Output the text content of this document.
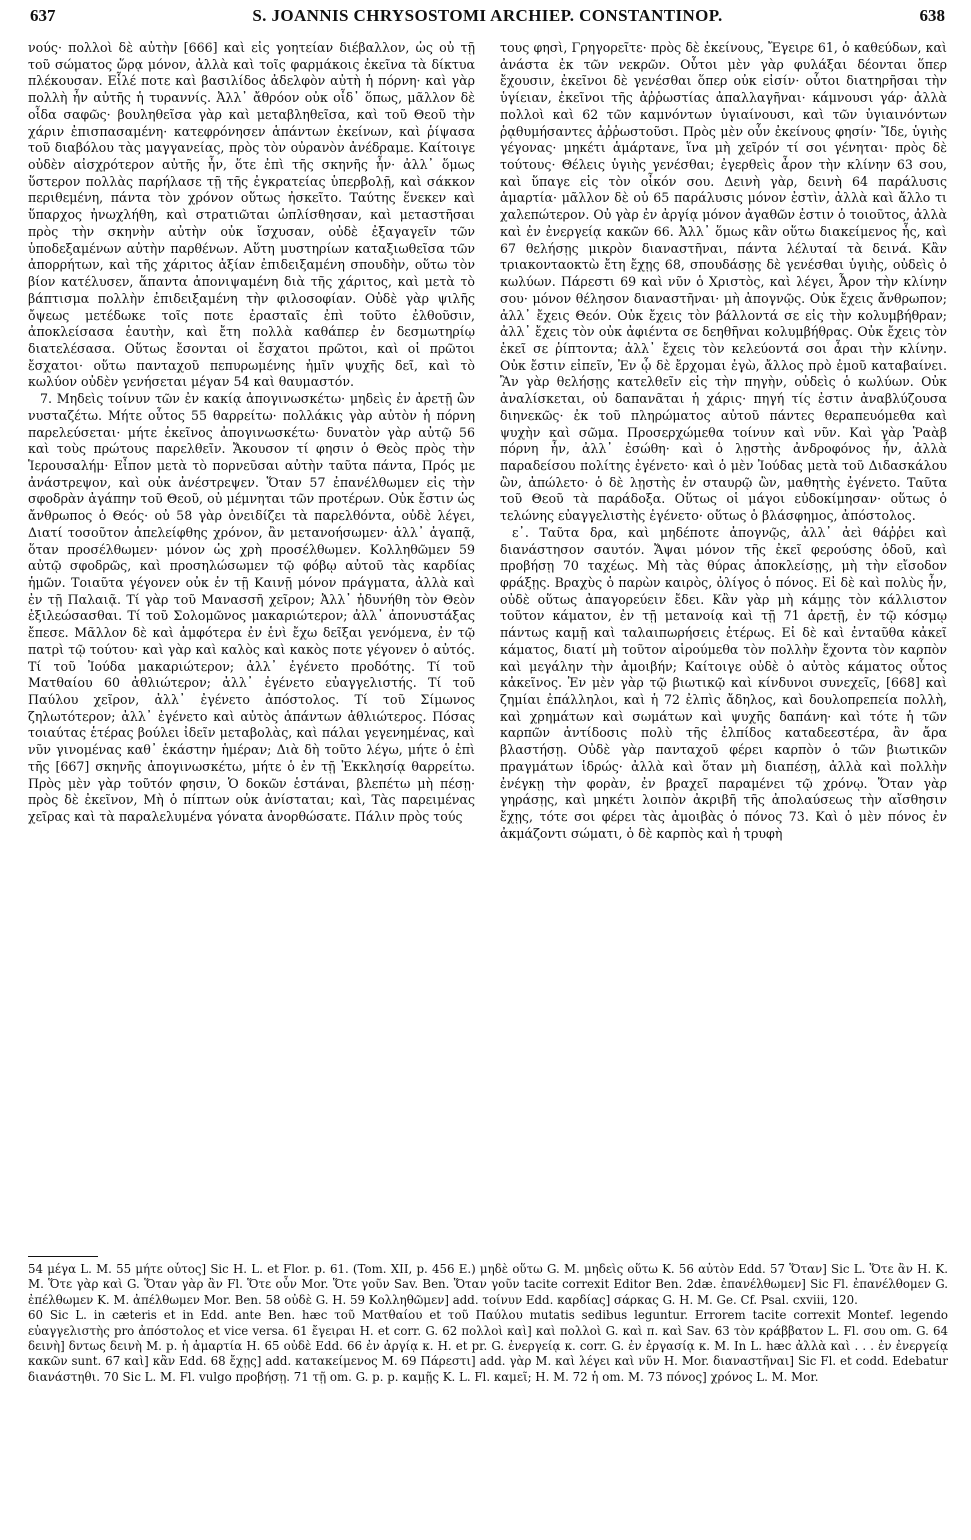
637	S. JOANNIS CHRYSOSTOMI ARCHIEP. CONSTANTINOP.	638

νούς· πολλοὶ δὲ αὐτὴν [666] καὶ εἰς γοητείαν διέβαλλον, ὡς οὐ τῇ τοῦ σώματος ὥρᾳ μόνον, ἀλλὰ καὶ τοῖς φαρμάκοις ἐκεῖνα τὰ δίκτυα πλέκουσαν. Εἷλέ ποτε καὶ βασιλίδος ἀδελφὸν αὐτὴ ἡ πόρνη· καὶ γὰρ πολλὴ ἦν αὐτῆς ἡ τυραννίς. Ἀλλ᾽ ἄθρόον οὐκ οἶδ᾽ ὅπως, μᾶλλον δὲ οἶδα σαφῶς· βουληθεῖσα γὰρ καὶ μεταβληθεῖσα, καὶ τοῦ Θεοῦ τὴν χάριν ἐπισπασαμένη· κατεφρόνησεν ἁπάντων ἐκείνων, καὶ ῥίψασα τοῦ διαβόλου τὰς μαγγανείας, πρὸς τὸν οὐρανὸν ἀνέδραμε. Καίτοιγε οὐδὲν αἰσχρότερον αὐτῆς ἦν, ὅτε ἐπὶ τῆς σκηνῆς ἦν· ἀλλ᾽ ὅμως ὕστερον πολλὰς παρήλασε τῇ τῆς ἐγκρατείας ὑπερβολῇ, καὶ σάκκον περιθεμένη, πάντα τὸν χρόνον οὕτως ἠσκεῖτο. Ταύτης ἕνεκεν καὶ ὕπαρχος ἠνωχλήθη, καὶ στρατιῶται ὡπλίσθησαν, καὶ μεταστῆσαι πρὸς τὴν σκηνὴν αὐτὴν οὐκ ἴσχυσαν, οὐδὲ ἐξαγαγεῖν τῶν ὑποδεξαμένων αὐτὴν παρθένων. Αὕτη μυστηρίων καταξιωθεῖσα τῶν ἀπορρήτων, καὶ τῆς χάριτος ἀξίαν ἐπιδειξαμένη σπουδὴν, οὕτω τὸν βίον κατέλυσεν, ἅπαντα ἀπονιψαμένη διὰ τῆς χάριτος, καὶ μετὰ τὸ βάπτισμα πολλὴν ἐπιδειξαμένη τὴν φιλοσοφίαν. Οὐδὲ γὰρ ψιλῆς ὄψεως μετέδωκε τοῖς ποτε ἐρασταῖς ἐπὶ τοῦτο ἐλθοῦσιν, ἀποκλείσασα ἑαυτὴν, καὶ ἔτη πολλὰ καθάπερ ἐν δεσμωτηρίῳ διατελέσασα. Οὕτως ἔσονται οἱ ἔσχατοι πρῶτοι, καὶ οἱ πρῶτοι ἔσχατοι· οὕτω πανταχοῦ πεπυρωμένης ἡμῖν ψυχῆς δεῖ, καὶ τὸ κωλύον οὐδὲν γενήσεται μέγαν 54 καὶ θαυμαστόν.

7. Μηδεὶς τοίνυν τῶν ἐν κακίᾳ ἀπογινωσκέτω· μηδεὶς ἐν ἀρετῇ ὢν νυσταζέτω. Μήτε οὗτος 55 θαρρείτω· πολλάκις γὰρ αὐτὸν ἡ πόρνη παρελεύσεται· μήτε ἐκεῖνος ἀπογινωσκέτω· δυνατὸν γὰρ αὐτῷ 56 καὶ τοὺς πρώτους παρελθεῖν. Ἄκουσον τί φησιν ὁ Θεὸς πρὸς τὴν Ἱερουσαλήμ· Εἶπον μετὰ τὸ πορνεῦσαι αὐτὴν ταῦτα πάντα, Πρός με ἀνάστρεψον, καὶ οὐκ ἀνέστρεψεν. Ὅταν 57 ἐπανέλθωμεν εἰς τὴν σφοδρὰν ἀγάπην τοῦ Θεοῦ, οὐ μέμνηται τῶν προτέρων. Οὐκ ἔστιν ὡς ἄνθρωπος ὁ Θεός· οὐ 58 γὰρ ὀνειδίζει τὰ παρελθόντα, οὐδὲ λέγει, Διατί τοσοῦτον ἀπελείφθης χρόνον, ἂν μετανοήσωμεν· ἀλλ᾽ ἀγαπᾷ, ὅταν προσέλθωμεν· μόνον ὡς χρὴ προσέλθωμεν. Κολληθῶμεν 59 αὐτῷ σφοδρῶς, καὶ προσηλώσωμεν τῷ φόβῳ αὐτοῦ τὰς καρδίας ἡμῶν. Τοιαῦτα γέγονεν οὐκ ἐν τῇ Καινῇ μόνον πράγματα, ἀλλὰ καὶ ἐν τῇ Παλαιᾷ. Τί γὰρ τοῦ Μανασσῆ χεῖρον; Ἀλλ᾽ ἠδυνήθη τὸν Θεὸν ἐξιλεώσασθαι. Τί τοῦ Σολομῶνος μακαριώτερον; ἀλλ᾽ ἀπονυστάξας ἔπεσε. Μᾶλλον δὲ καὶ ἀμφότερα ἐν ἑνὶ ἔχω δεῖξαι γενόμενα, ἐν τῷ πατρὶ τῷ τούτου· καὶ γὰρ καὶ καλὸς καὶ κακὸς ποτε γέγονεν ὁ αὐτός. Τί τοῦ Ἰούδα μακαριώτερον; ἀλλ᾽ ἐγένετο προδότης. Τί τοῦ Ματθαίου 60 ἀθλιώτερον; ἀλλ᾽ ἐγένετο εὐαγγελιστής. Τί τοῦ Παύλου χεῖρον, ἀλλ᾽ ἐγένετο ἀπόστολος. Τί τοῦ Σίμωνος ζηλωτότερον; ἀλλ᾽ ἐγένετο καὶ αὐτὸς ἁπάντων ἀθλιώτερος. Πόσας τοιαύτας ἑτέρας βούλει ἰδεῖν μεταβολὰς, καὶ πάλαι γεγενημένας, καὶ νῦν γινομένας καθ᾽ ἑκάστην ἡμέραν; Διὰ δὴ τοῦτο λέγω, μήτε ὁ ἐπὶ τῆς [667] σκηνῆς ἀπογινωσκέτω, μήτε ὁ ἐν τῇ Ἐκκλησίᾳ θαρρείτω. Πρὸς μὲν γὰρ τοῦτόν φησιν, Ὁ δοκῶν ἑστάναι, βλεπέτω μὴ πέσῃ· πρὸς δὲ ἐκεῖνον, Μὴ ὁ πίπτων οὐκ ἀνίσταται; καὶ, Τὰς παρειμένας χεῖρας καὶ τὰ παραλελυμένα γόνατα ἀνορθώσατε. Πάλιν πρὸς τούς

τους φησὶ, Γρηγορεῖτε· πρὸς δὲ ἐκείνους, Ἔγειρε 61, ὁ καθεύδων, καὶ ἀνάστα ἐκ τῶν νεκρῶν. Οὗτοι μὲν γὰρ φυλάξαι δέονται ὅπερ ἔχουσιν, ἐκεῖνοι δὲ γενέσθαι ὅπερ οὐκ εἰσίν· οὗτοι διατηρῆσαι τὴν ὑγίειαν, ἐκεῖνοι τῆς ἀῤῥωστίας ἀπαλλαγῆναι· κάμνουσι γάρ· ἀλλὰ πολλοὶ καὶ 62 τῶν καμνόντων ὑγιαίνουσι, καὶ τῶν ὑγιαινόντων ῥᾳθυμήσαντες ἀῤῥωστοῦσι. Πρὸς μὲν οὖν ἐκείνους φησίν· Ἴδε, ὑγιὴς γέγονας· μηκέτι ἁμάρτανε, ἵνα μὴ χεῖρόν τί σοι γένηται· πρὸς δὲ τούτους· Θέλεις ὑγιὴς γενέσθαι; ἐγερθεὶς ἆρον τὴν κλίνην 63 σου, καὶ ὕπαγε εἰς τὸν οἶκόν σου. Δεινὴ γὰρ, δεινὴ 64 παράλυσις ἁμαρτία· μᾶλλον δὲ οὐ 65 παράλυσις μόνον ἐστὶν, ἀλλὰ καὶ ἄλλο τι χαλεπώτερον. Οὐ γὰρ ἐν ἀργίᾳ μόνον ἀγαθῶν ἐστιν ὁ τοιοῦτος, ἀλλὰ καὶ ἐν ἐνεργείᾳ κακῶν 66. Ἀλλ᾽ ὅμως κἂν οὕτω διακείμενος ἧς, καὶ 67 θελήσῃς μικρὸν διαναστῆναι, πάντα λέλυταί τὰ δεινά. Κἂν τριακονταοκτὼ ἔτη ἔχῃς 68, σπουδάσῃς δὲ γενέσθαι ὑγιὴς, οὐδεὶς ὁ κωλύων. Πάρεστι 69 καὶ νῦν ὁ Χριστὸς, καὶ λέγει, Ἆρον τὴν κλίνην σου· μόνον θέλησον διαναστῆναι· μὴ ἀπογνῷς. Οὐκ ἔχεις ἄνθρωπον; ἀλλ᾽ ἔχεις Θεόν. Οὐκ ἔχεις τὸν βάλλοντά σε εἰς τὴν κολυμβήθραν; ἀλλ᾽ ἔχεις τὸν οὐκ ἀφιέντα σε δεηθῆναι κολυμβήθρας. Οὐκ ἔχεις τὸν ἐκεῖ σε ῥίπτοντα; ἀλλ᾽ ἔχεις τὸν κελεύοντά σοι ἆραι τὴν κλίνην. Οὐκ ἔστιν εἰπεῖν, Ἐν ᾧ δὲ ἔρχομαι ἐγὼ, ἄλλος πρὸ ἐμοῦ καταβαίνει. Ἂν γὰρ θελήσῃς κατελθεῖν εἰς τὴν πηγὴν, οὐδεὶς ὁ κωλύων. Οὐκ ἀναλίσκεται, οὐ δαπανᾶται ἡ χάρις· πηγή τίς ἐστιν ἀναβλύζουσα διηνεκῶς· ἐκ τοῦ πληρώματος αὐτοῦ πάντες θεραπευόμεθα καὶ ψυχὴν καὶ σῶμα. Προσερχώμεθα τοίνυν καὶ νῦν. Καὶ γὰρ Ῥαὰβ πόρνη ἦν, ἀλλ᾽ ἐσώθη· καὶ ὁ λῃστὴς ἀνδροφόνος ἦν, ἀλλὰ παραδείσου πολίτης ἐγένετο· καὶ ὁ μὲν Ἰούδας μετὰ τοῦ Διδασκάλου ὢν, ἀπώλετο· ὁ δὲ λῃστὴς ἐν σταυρῷ ὢν, μαθητὴς ἐγένετο. Ταῦτα τοῦ Θεοῦ τὰ παράδοξα. Οὕτως οἱ μάγοι εὐδοκίμησαν· οὕτως ὁ τελώνης εὐαγγελιστὴς ἐγένετο· οὕτως ὁ βλάσφημος, ἀπόστολος.

ε᾽. Ταῦτα δρα, καὶ μηδέποτε ἀπογνῷς, ἀλλ᾽ ἀεὶ θάῤῥει καὶ διανάστησον σαυτόν. Ἄψαι μόνον τῆς ἐκεῖ φερούσης ὁδοῦ, καὶ προβήσῃ 70 ταχέως. Μὴ τὰς θύρας ἀποκλείσῃς, μὴ τὴν εἴσοδον φράξῃς. Βραχὺς ὁ παρὼν καιρὸς, ὀλίγος ὁ πόνος. Εἰ δὲ καὶ πολὺς ἦν, οὐδὲ οὕτως ἀπαγορεύειν ἔδει. Κἂν γὰρ μὴ κάμῃς τὸν κάλλιστον τοῦτον κάματον, ἐν τῇ μετανοίᾳ καὶ τῇ 71 ἀρετῇ, ἐν τῷ κόσμῳ πάντως καμῇ καὶ ταλαιπωρήσεις ἑτέρως. Εἰ δὲ καὶ ἐνταῦθα κἀκεῖ κάματος, διατί μὴ τοῦτον αἱρούμεθα τὸν πολλὴν ἔχοντα τὸν καρπὸν καὶ μεγάλην τὴν ἀμοιβήν; Καίτοιγε οὐδὲ ὁ αὐτὸς κάματος οὗτος κἀκεῖνος. Ἐν μὲν γὰρ τῷ βιωτικῷ καὶ κίνδυνοι συνεχεῖς, [668] καὶ ζημίαι ἐπάλληλοι, καὶ ἡ 72 ἐλπὶς ἄδηλος, καὶ δουλοπρεπεία πολλὴ, καὶ χρημάτων καὶ σωμάτων καὶ ψυχῆς δαπάνη· καὶ τότε ἡ τῶν καρπῶν ἀντίδοσις πολὺ τῆς ἐλπίδος καταδεεστέρα, ἂν ἄρα βλαστήσῃ. Οὐδὲ γὰρ πανταχοῦ φέρει καρπὸν ὁ τῶν βιωτικῶν πραγμάτων ἱδρώς· ἀλλὰ καὶ ὅταν μὴ διαπέσῃ, ἀλλὰ καὶ πολλὴν ἐνέγκῃ τὴν φορὰν, ἐν βραχεῖ παραμένει τῷ χρόνῳ. Ὅταν γὰρ γηράσῃς, καὶ μηκέτι λοιπὸν ἀκριβῆ τῆς ἀπολαύσεως τὴν αἴσθησιν ἔχῃς, τότε σοι φέρει τὰς ἀμοιβὰς ὁ πόνος 73. Καὶ ὁ μὲν πόνος ἐν ἀκμάζοντι σώματι, ὁ δὲ καρπὸς καὶ ἡ τρυφὴ

54 μέγα L. M. 55 μήτε οὗτος] Sic H. L. et Flor. p. 61. (Tom. XII, p. 456 E.) μηδὲ οὕτω G. M. μηδεὶς οὕτω K. 56 αὐτὸν Edd. 57 Ὅταν] Sic L. Ὅτε ἂν H. K. M. Ὅτε γὰρ καὶ G. Ὅταν γὰρ ἂν Fl. Ὅτε οὖν Mor. Ὅτε γοῦν Sav. Ben. Ὅταν γοῦν tacite correxit Editor Ben. 2dæ. ἐπανέλθωμεν] Sic Fl. ἐπανέλθομεν G. ἐπέλθωμεν K. M. ἀπέλθωμεν Mor. Ben. 58 οὐδὲ G. H. 59 Κολληθῶμεν] add. τοίνυν Edd. καρδίας] σάρκας G. H. M. Ge. Cf. Psal. cxviii, 120.

60 Sic L. in cæteris et in Edd. ante Ben. hæc τοῦ Ματθαίου et τοῦ Παύλου mutatis sedibus leguntur. Errorem tacite correxit Montef. legendo εὐαγγελιστὴς pro ἀπόστολος et vice versa. 61 ἔγειραι H. et corr. G. 62 πολλοὶ καὶ] καὶ πολλοὶ G. καὶ π. καὶ Sav. 63 τὸν κράββατον L. Fl. σου om. G. 64 δεινὴ] δντως δεινὴ M. p. ἡ ἁμαρτία H. 65 οὐδὲ Edd. 66 ἐν ἀργίᾳ κ. H. et pr. G. ἐνεργείᾳ κ. corr. G. ἐν ἐργασίᾳ κ. M. In L. hæc ἀλλὰ καὶ . . . ἐν ἐνεργείᾳ κακῶν sunt. 67 καὶ] κἂν Edd. 68 ἔχῃς] add. κατακείμενος M. 69 Πάρεστι] add. γὰρ M. καὶ λέγει καὶ νῦν H. Mor. διαναστῆναι] Sic Fl. et codd. Edebatur διανάστηθι. 70 Sic L. M. Fl. vulgo προβήσῃ. 71 τῇ om. G. p. p. καμῇς K. L. Fl. καμεῖ; H. M. 72 ἡ om. M. 73 πόνος] χρόνος L. M. Mor.
